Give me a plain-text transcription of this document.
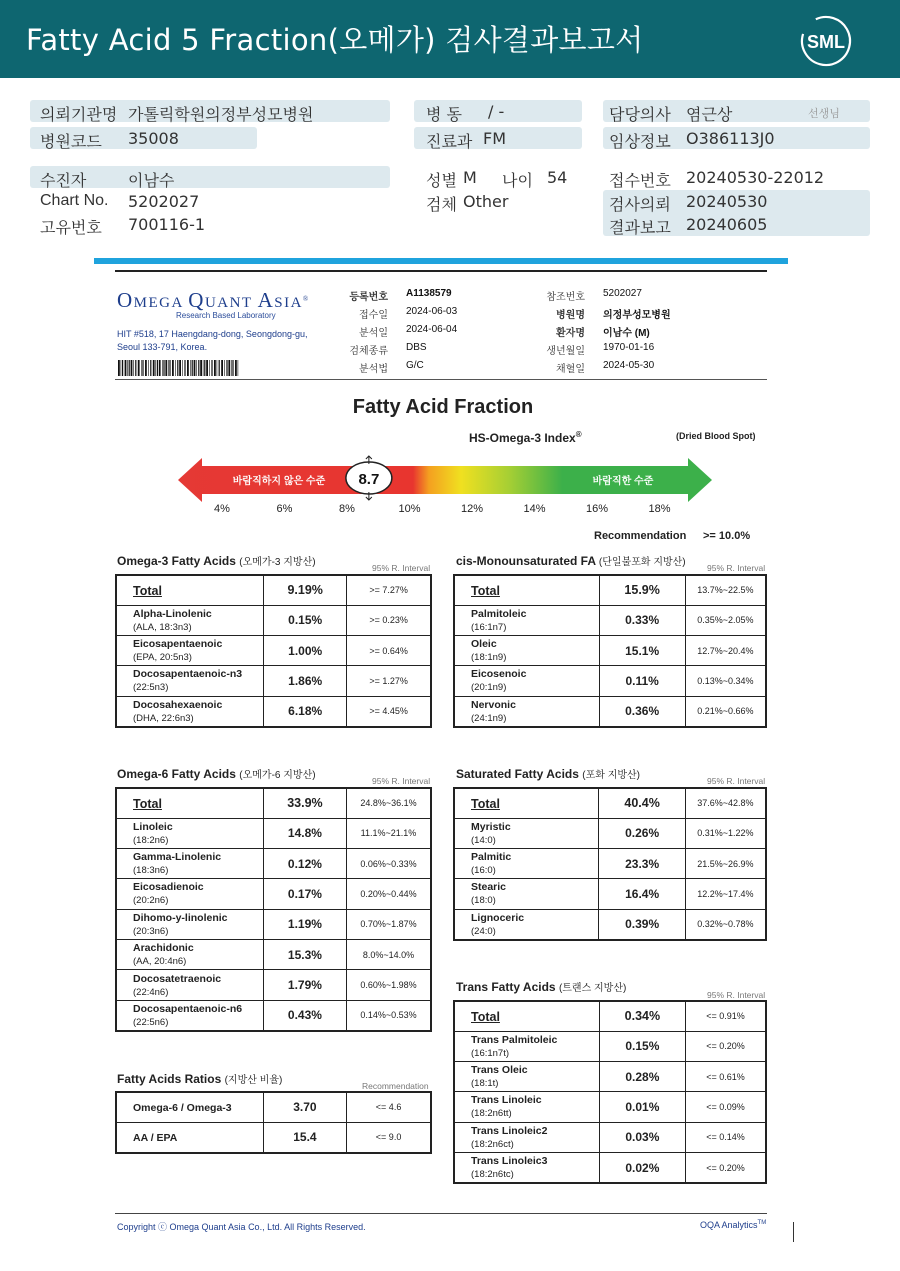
Fatty Acid 5 Fraction(오메가) 검사결과보고서	SML
의뢰기관명 가톨릭학원의정부성모병원	병 동 / -	담당의사 염근상	선생님
병원코드 35008	진료과 FM	임상정보 O386113J0
수진자	이남수	성별 M 나이 54	접수번호 20240530-22012
Chart No. 5202027	검체 Other	검사의뢰 20240530
고유번호 700116-1	결과보고 20240605
OMEGA QUANT ASIA®
Research Based Laboratory
HIT #518, 17 Haengdang-dong, Seongdong-gu,
Seoul 133-791, Korea.
등록번호 A1138579
접수일 2024-06-03
분석일 2024-06-04
검체종류 DBS
분석법 G/C
참조번호 5202027
병원명 의정부성모병원
환자명 이남수 (M)
생년월일 1970-01-16
채혈일 2024-05-30
Fatty Acid Fraction
HS-Omega-3 Index®	(Dried Blood Spot)
바람직하지 않은 수준	바람직한 수준
8.7
4%	6%	8%	10%	12%	14%	16%	18%
Recommendation >= 10.0%
Omega-3 Fatty Acids (오메가-3 지방산)	95% R. Interval
Total	9.19%	>= 7.27%

Alpha-Linolenic
(ALA, 18:3n3)	0.15%	>= 0.23%

Eicosapentaenoic
(EPA, 20:5n3)	1.00%	>= 0.64%

Docosapentaenoic-n3
(22:5n3)	1.86%	>= 1.27%

Docosahexaenoic
(DHA, 22:6n3)	6.18%	>= 4.45%
cis-Monounsaturated FA (단일불포화 지방산)	95% R. Interval
Total	15.9%	13.7%~22.5%

Palmitoleic
(16:1n7)	0.33%	0.35%~2.05%

Oleic
(18:1n9)	15.1%	12.7%~20.4%

Eicosenoic
(20:1n9)	0.11%	0.13%~0.34%

Nervonic
(24:1n9)	0.36%	0.21%~0.66%
Omega-6 Fatty Acids (오메가-6 지방산)	95% R. Interval
Total	33.9%	24.8%~36.1%

Linoleic
(18:2n6)	14.8%	11.1%~21.1%

Gamma-Linolenic
(18:3n6)	0.12%	0.06%~0.33%

Eicosadienoic
(20:2n6)	0.17%	0.20%~0.44%

Dihomo-y-linolenic
(20:3n6)	1.19%	0.70%~1.87%

Arachidonic
(AA, 20:4n6)	15.3%	8.0%~14.0%

Docosatetraenoic
(22:4n6)	1.79%	0.60%~1.98%

Docosapentaenoic-n6
(22:5n6)	0.43%	0.14%~0.53%
Saturated Fatty Acids (포화 지방산)	95% R. Interval
Total	40.4%	37.6%~42.8%

Myristic
(14:0)	0.26%	0.31%~1.22%

Palmitic
(16:0)	23.3%	21.5%~26.9%

Stearic
(18:0)	16.4%	12.2%~17.4%

Lignoceric
(24:0)	0.39%	0.32%~0.78%
Trans Fatty Acids (트랜스 지방산)
95% R. Interval
Total	0.34%	<= 0.91%

Trans Palmitoleic
(16:1n7t)	0.15%	<= 0.20%

Trans Oleic
(18:1t)	0.28%	<= 0.61%

Trans Linoleic
(18:2n6tt)	0.01%	<= 0.09%

Trans Linoleic2
(18:2n6ct)	0.03%	<= 0.14%

Trans Linoleic3
(18:2n6tc)	0.02%	<= 0.20%
Fatty Acids Ratios (지방산 비율)	Recommendation
Omega-6 / Omega-3	3.70	<= 4.6

AA / EPA	15.4	<= 9.0
Copyright ⓒ Omega Quant Asia Co., Ltd. All Rights Reserved.	OQA Analytics™
